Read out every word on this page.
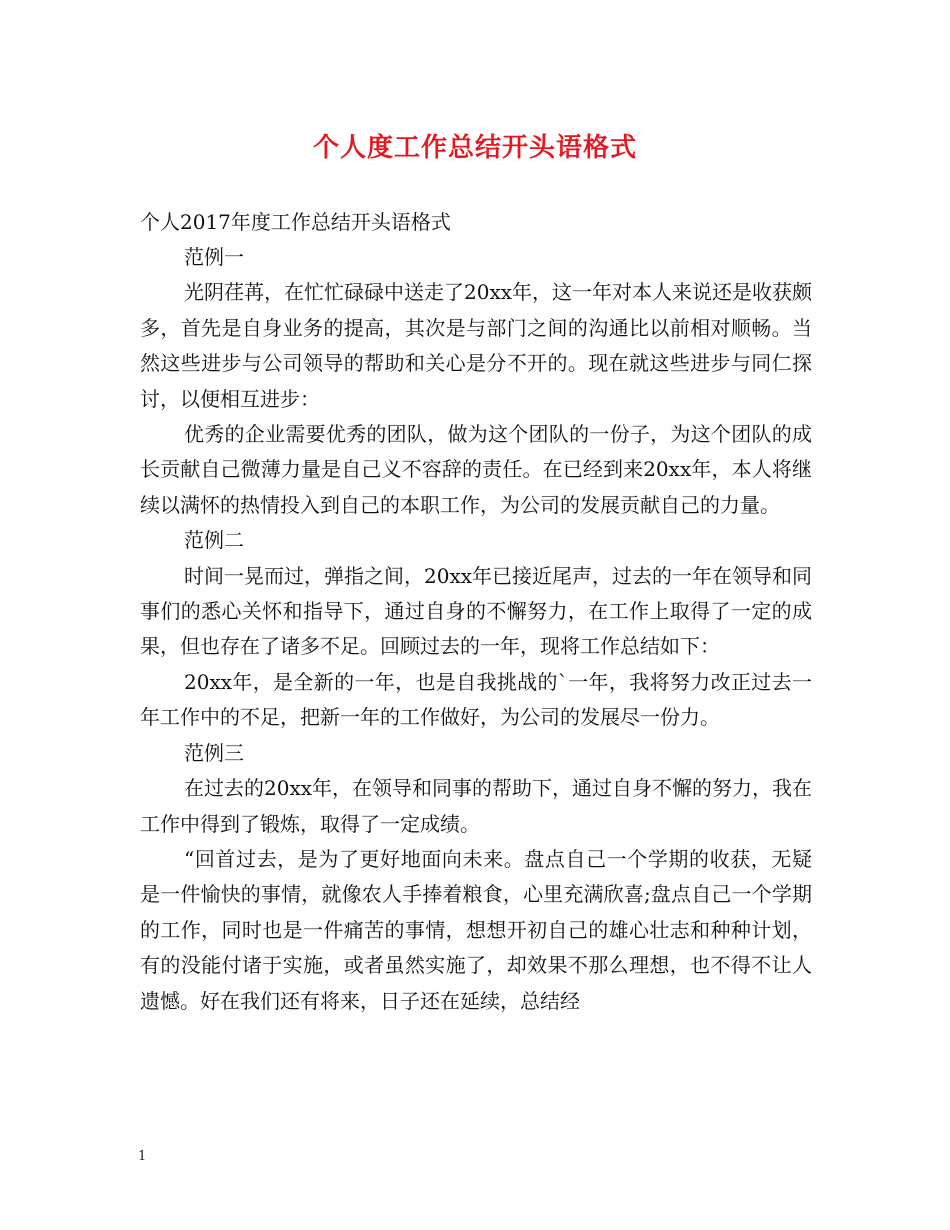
个人度工作总结开头语格式
个人2017年度工作总结开头语格式

范例一

光阴荏苒，在忙忙碌碌中送走了20xx年，这一年对本人来说还是收获颇多，首先是自身业务的提高，其次是与部门之间的沟通比以前相对顺畅。当然这些进步与公司领导的帮助和关心是分不开的。现在就这些进步与同仁探讨，以便相互进步：

优秀的企业需要优秀的团队，做为这个团队的一份子，为这个团队的成长贡献自己微薄力量是自己义不容辞的责任。在已经到来20xx年，本人将继续以满怀的热情投入到自己的本职工作，为公司的发展贡献自己的力量。

范例二

时间一晃而过，弹指之间，20xx年已接近尾声，过去的一年在领导和同事们的悉心关怀和指导下，通过自身的不懈努力，在工作上取得了一定的成果，但也存在了诸多不足。回顾过去的一年，现将工作总结如下：

20xx年，是全新的一年，也是自我挑战的`一年，我将努力改正过去一年工作中的不足，把新一年的工作做好，为公司的发展尽一份力。

范例三

在过去的20xx年，在领导和同事的帮助下，通过自身不懈的努力，我在工作中得到了锻炼，取得了一定成绩。

“回首过去，是为了更好地面向未来。盘点自己一个学期的收获，无疑是一件愉快的事情，就像农人手捧着粮食，心里充满欣喜;盘点自己一个学期的工作，同时也是一件痛苦的事情，想想开初自己的雄心壮志和种种计划，有的没能付诸于实施，或者虽然实施了，却效果不那么理想，也不得不让人遗憾。好在我们还有将来，日子还在延续，总结经

1
